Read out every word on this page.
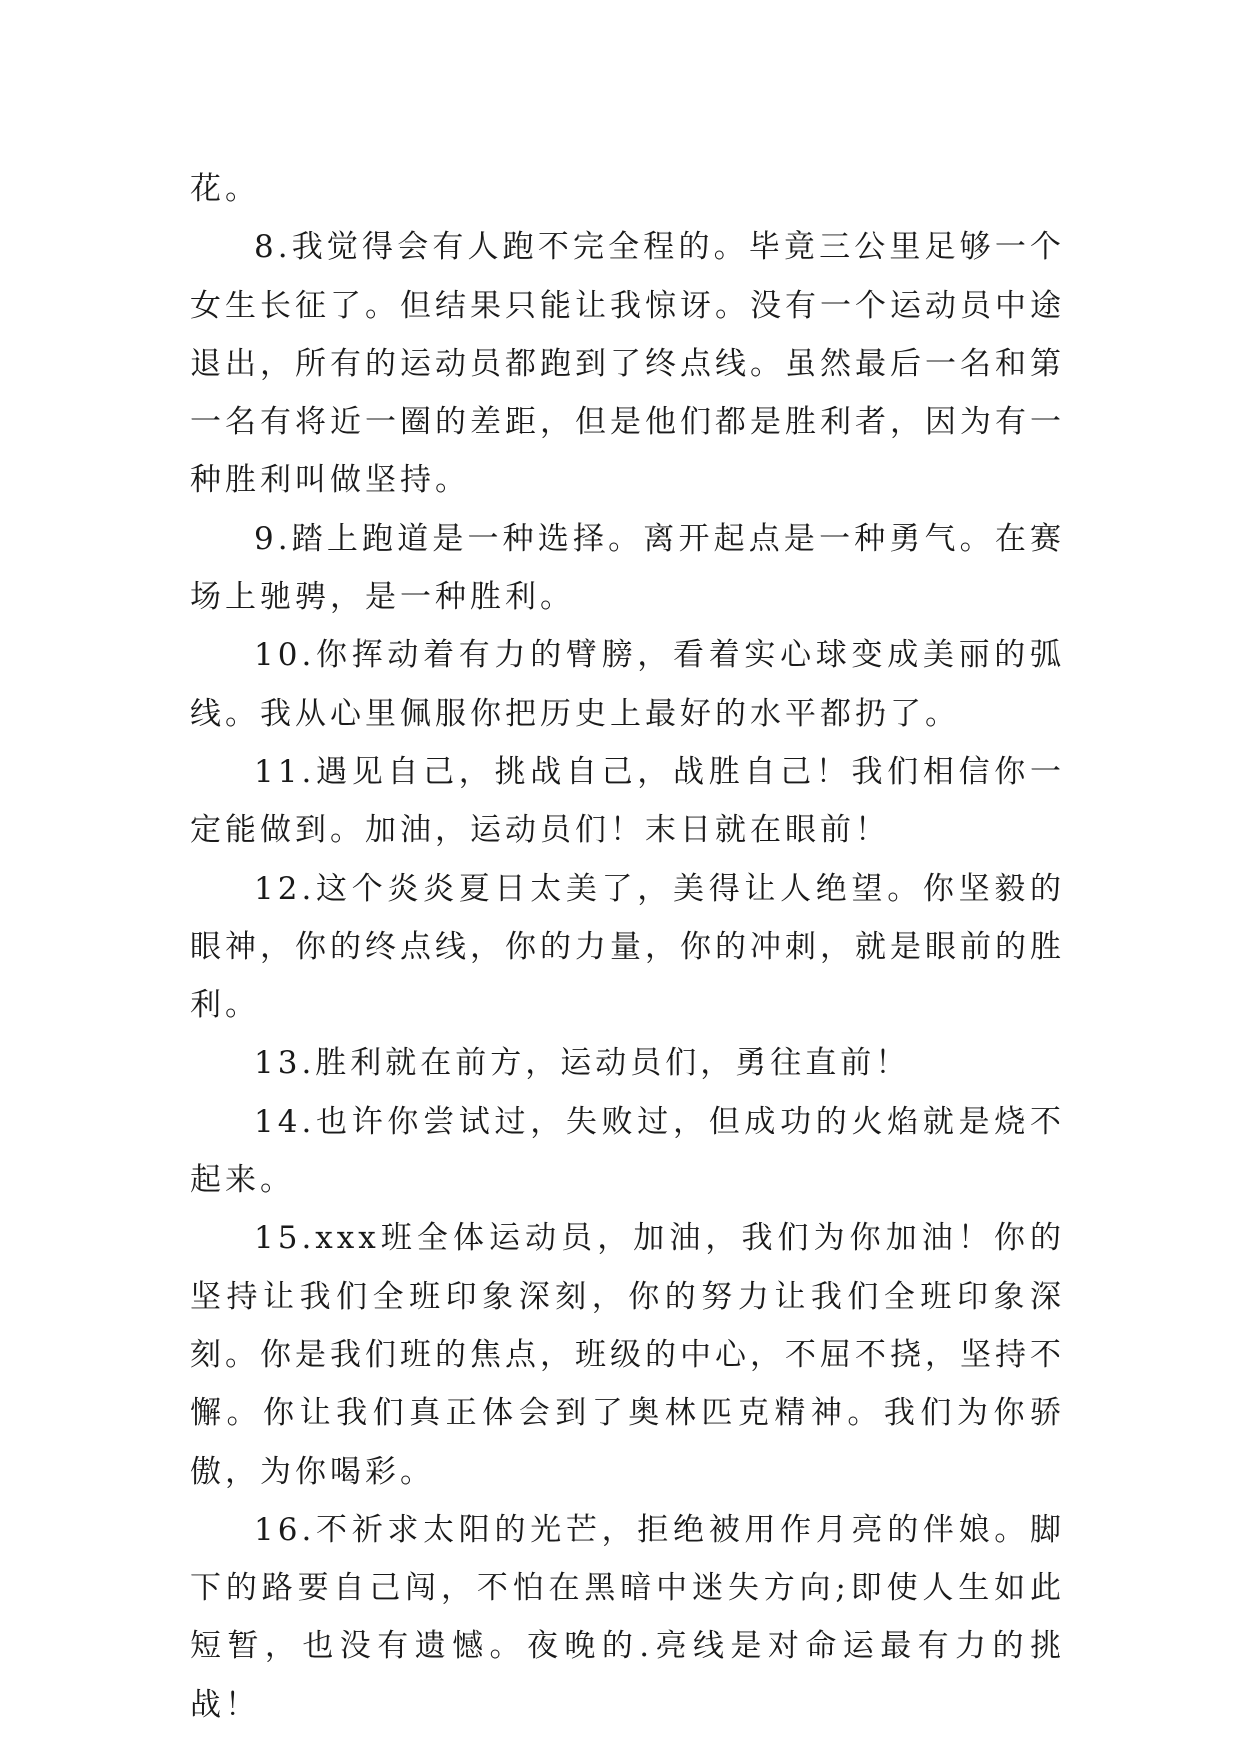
花。

8.我觉得会有人跑不完全程的。毕竟三公里足够一个女生长征了。但结果只能让我惊讶。没有一个运动员中途退出，所有的运动员都跑到了终点线。虽然最后一名和第一名有将近一圈的差距，但是他们都是胜利者，因为有一种胜利叫做坚持。

9.踏上跑道是一种选择。离开起点是一种勇气。在赛场上驰骋，是一种胜利。

10.你挥动着有力的臂膀，看着实心球变成美丽的弧线。我从心里佩服你把历史上最好的水平都扔了。

11.遇见自己，挑战自己，战胜自己！我们相信你一定能做到。加油，运动员们！末日就在眼前！

12.这个炎炎夏日太美了，美得让人绝望。你坚毅的眼神，你的终点线，你的力量，你的冲刺，就是眼前的胜利。

13.胜利就在前方，运动员们，勇往直前！

14.也许你尝试过，失败过，但成功的火焰就是烧不起来。

15.xxx班全体运动员，加油，我们为你加油！你的坚持让我们全班印象深刻，你的努力让我们全班印象深刻。你是我们班的焦点，班级的中心，不屈不挠，坚持不懈。你让我们真正体会到了奥林匹克精神。我们为你骄傲，为你喝彩。

16.不祈求太阳的光芒，拒绝被用作月亮的伴娘。脚下的路要自己闯，不怕在黑暗中迷失方向;即使人生如此短暂，也没有遗憾。夜晚的.亮线是对命运最有力的挑战！
